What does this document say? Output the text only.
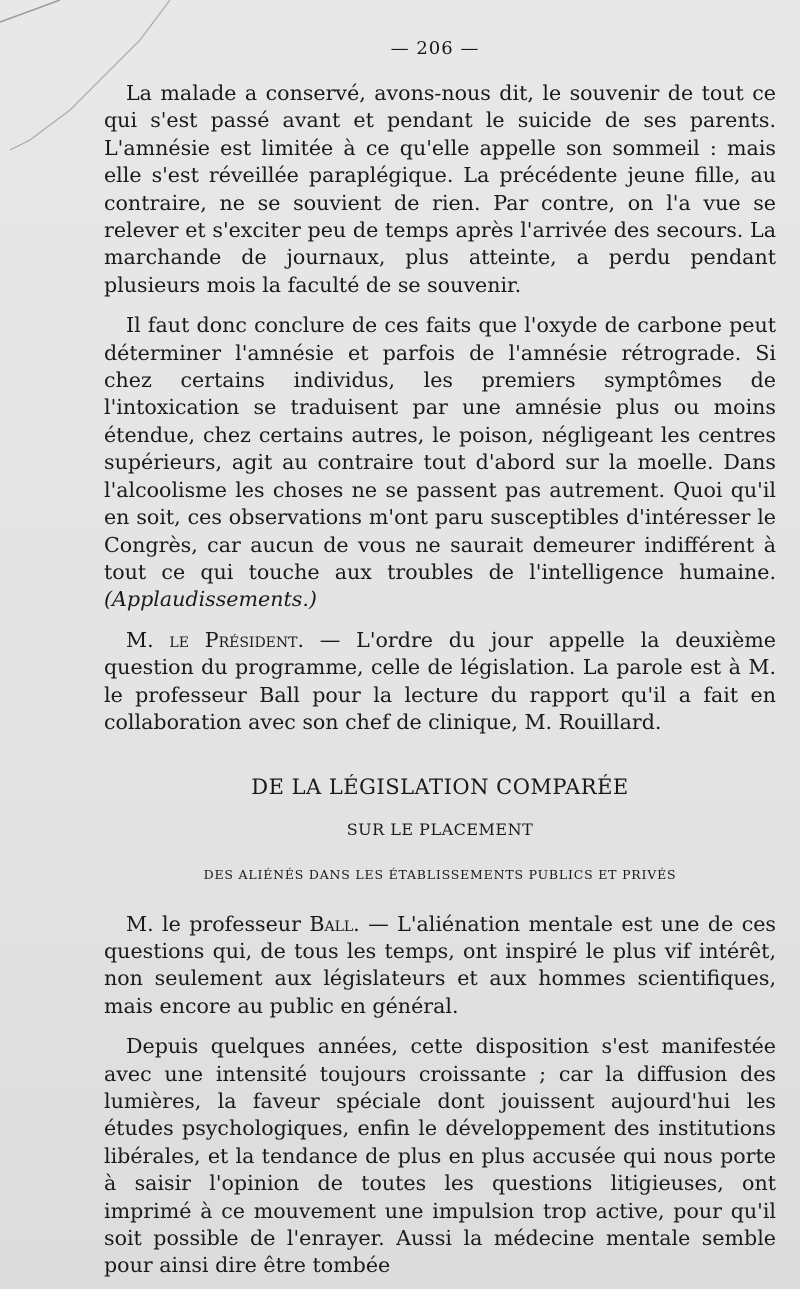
— 206 —

La malade a conservé, avons-nous dit, le souvenir de tout ce qui s'est passé avant et pendant le suicide de ses parents. L'amnésie est limitée à ce qu'elle appelle son sommeil : mais elle s'est réveillée paraplégique. La précédente jeune fille, au contraire, ne se souvient de rien. Par contre, on l'a vue se relever et s'exciter peu de temps après l'arrivée des secours. La marchande de journaux, plus atteinte, a perdu pendant plusieurs mois la faculté de se souvenir.

Il faut donc conclure de ces faits que l'oxyde de carbone peut déterminer l'amnésie et parfois de l'amnésie rétrograde. Si chez certains individus, les premiers symptômes de l'intoxication se traduisent par une amnésie plus ou moins étendue, chez certains autres, le poison, négligeant les centres supérieurs, agit au contraire tout d'abord sur la moelle. Dans l'alcoolisme les choses ne se passent pas autrement. Quoi qu'il en soit, ces observations m'ont paru susceptibles d'intéresser le Congrès, car aucun de vous ne saurait demeurer indifférent à tout ce qui touche aux troubles de l'intelligence humaine. (Applaudissements.)

M. le Président. — L'ordre du jour appelle la deuxième question du programme, celle de législation. La parole est à M. le professeur Ball pour la lecture du rapport qu'il a fait en collaboration avec son chef de clinique, M. Rouillard.

DE LA LÉGISLATION COMPARÉE
SUR LE PLACEMENT
DES ALIÉNÉS DANS LES ÉTABLISSEMENTS PUBLICS ET PRIVÉS

M. le professeur Ball. — L'aliénation mentale est une de ces questions qui, de tous les temps, ont inspiré le plus vif intérêt, non seulement aux législateurs et aux hommes scientifiques, mais encore au public en général.

Depuis quelques années, cette disposition s'est manifestée avec une intensité toujours croissante ; car la diffusion des lumières, la faveur spéciale dont jouissent aujourd'hui les études psychologiques, enfin le développement des institutions libérales, et la tendance de plus en plus accusée qui nous porte à saisir l'opinion de toutes les questions litigieuses, ont imprimé à ce mouvement une impulsion trop active, pour qu'il soit possible de l'enrayer. Aussi la médecine mentale semble pour ainsi dire être tombée
